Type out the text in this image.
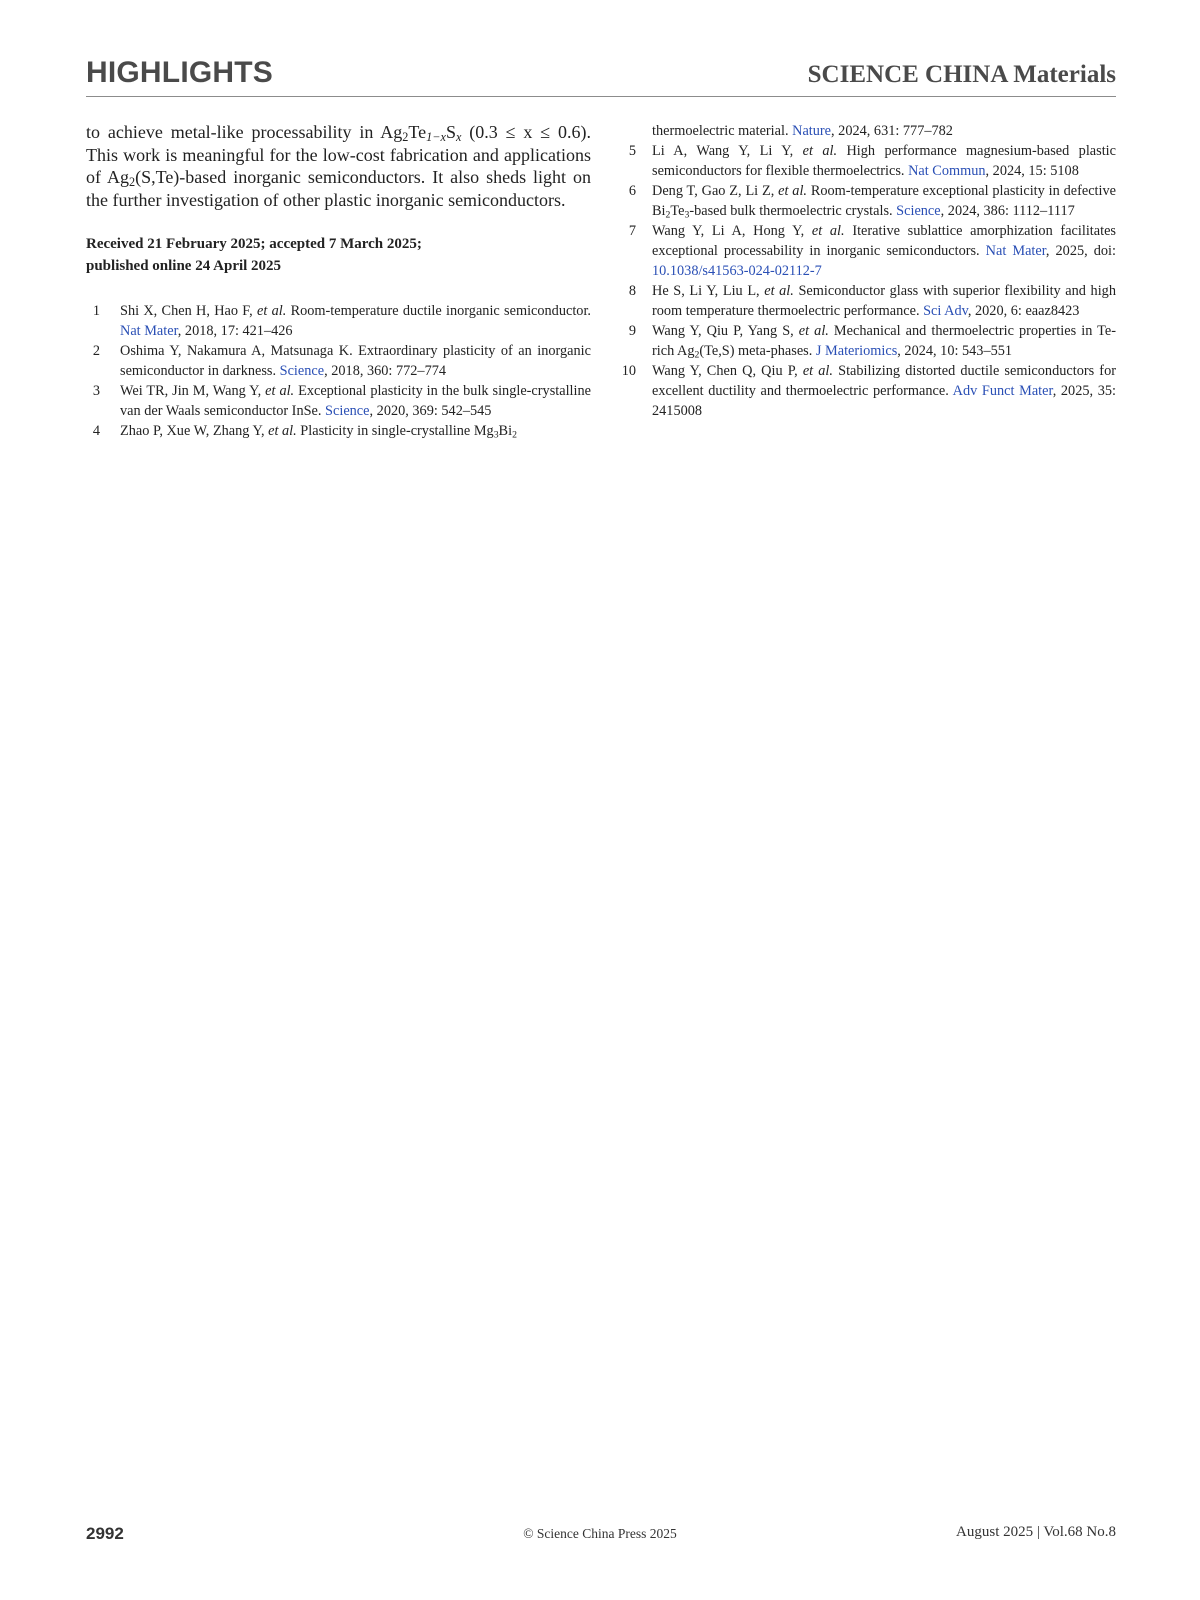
HIGHLIGHTS	SCIENCE CHINA Materials

to achieve metal-like processability in $Ag_2Te_{1-x}S_x$ (0.3 ≤ x ≤ 0.6). This work is meaningful for the low-cost fabrication and applications of $Ag_2(S,Te)$-based inorganic semiconductors. It also sheds light on the further investigation of other plastic inorganic semiconductors.

Received 21 February 2025; accepted 7 March 2025;
published online 24 April 2025
1 Shi X, Chen H, Hao F, et al. Room-temperature ductile inorganic semiconductor. Nat Mater, 2018, 17: 421–426
2 Oshima Y, Nakamura A, Matsunaga K. Extraordinary plasticity of an inorganic semiconductor in darkness. Science, 2018, 360: 772–774
3 Wei TR, Jin M, Wang Y, et al. Exceptional plasticity in the bulk single-crystalline van der Waals semiconductor InSe. Science, 2020, 369: 542–545
4 Zhao P, Xue W, Zhang Y, et al. Plasticity in single-crystalline $Mg_3Bi_2$
thermoelectric material. Nature, 2024, 631: 777–782
5 Li A, Wang Y, Li Y, et al. High performance magnesium-based plastic semiconductors for flexible thermoelectrics. Nat Commun, 2024, 15: 5108
6 Deng T, Gao Z, Li Z, et al. Room-temperature exceptional plasticity in defective $Bi_2Te_3$-based bulk thermoelectric crystals. Science, 2024, 386: 1112–1117
7 Wang Y, Li A, Hong Y, et al. Iterative sublattice amorphization facilitates exceptional processability in inorganic semiconductors. Nat Mater, 2025, doi: 10.1038/s41563-024-02112-7
8 He S, Li Y, Liu L, et al. Semiconductor glass with superior flexibility and high room temperature thermoelectric performance. Sci Adv, 2020, 6: eaaz8423
9 Wang Y, Qiu P, Yang S, et al. Mechanical and thermoelectric properties in Te-rich $Ag_2(Te,S)$ meta-phases. J Materiomics, 2024, 10: 543–551
10 Wang Y, Chen Q, Qiu P, et al. Stabilizing distorted ductile semiconductors for excellent ductility and thermoelectric performance. Adv Funct Mater, 2025, 35: 2415008
2992	© Science China Press 2025	August 2025 | Vol.68 No.8
